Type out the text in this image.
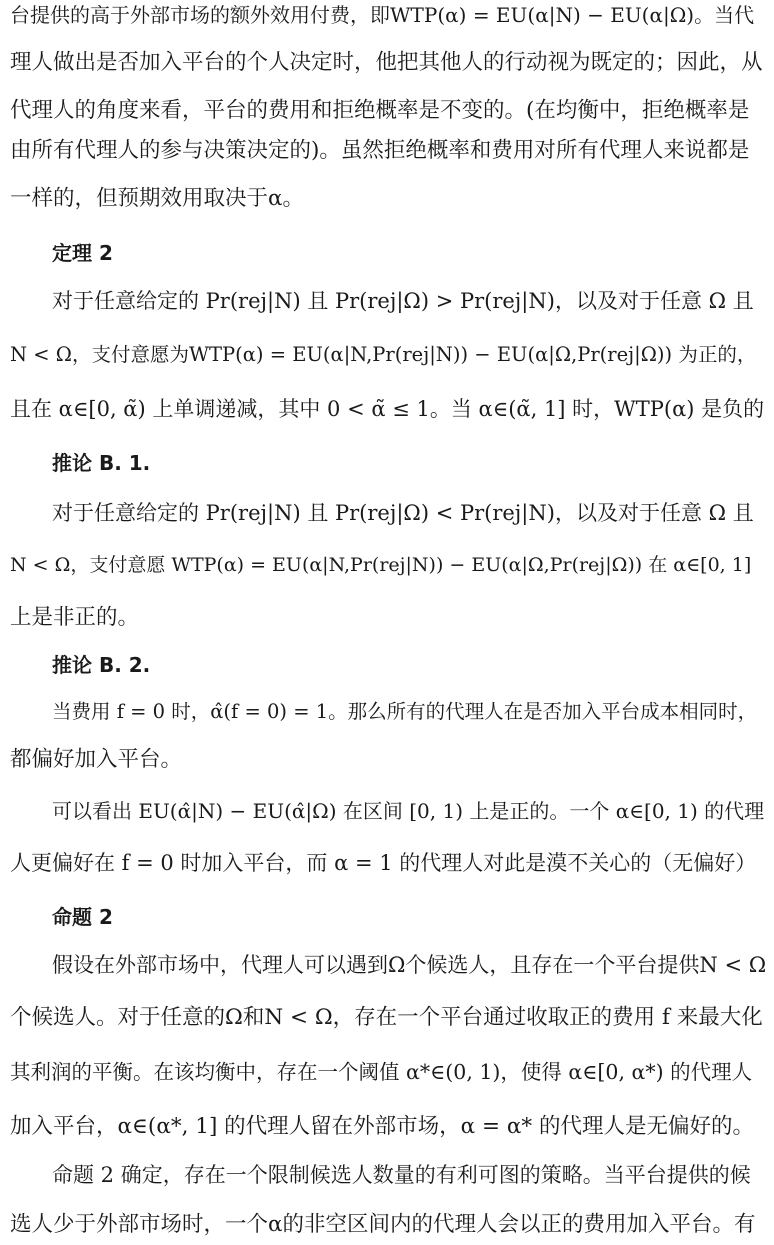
台提供的高于外部市场的额外效用付费，即WTP(α) = EU(α|N) − EU(α|Ω)。当代
理人做出是否加入平台的个人决定时，他把其他人的行动视为既定的；因此，从
代理人的角度来看，平台的费用和拒绝概率是不变的。(在均衡中，拒绝概率是
由所有代理人的参与决策决定的)。虽然拒绝概率和费用对所有代理人来说都是
一样的，但预期效用取决于α。
定理 2
对于任意给定的 Pr(rej|N) 且 Pr(rej|Ω) > Pr(rej|N)，以及对于任意 Ω 且
N < Ω，支付意愿为WTP(α) = EU(α|N,Pr(rej|N)) − EU(α|Ω,Pr(rej|Ω)) 为正的，
且在 α∈[0, α̃) 上单调递减，其中 0 < α̃ ≤ 1。当 α∈(α̃, 1] 时，WTP(α) 是负的
推论 B. 1.
对于任意给定的 Pr(rej|N) 且 Pr(rej|Ω) < Pr(rej|N)，以及对于任意 Ω 且
N < Ω，支付意愿 WTP(α) = EU(α|N,Pr(rej|N)) − EU(α|Ω,Pr(rej|Ω)) 在 α∈[0, 1]
上是非正的。
推论 B. 2.
当费用 f = 0 时，α̂(f = 0) = 1。那么所有的代理人在是否加入平台成本相同时，
都偏好加入平台。
可以看出 EU(α̂|N) − EU(α̂|Ω) 在区间 [0, 1) 上是正的。一个 α∈[0, 1) 的代理
人更偏好在 f = 0 时加入平台，而 α = 1 的代理人对此是漠不关心的（无偏好）
命题 2
假设在外部市场中，代理人可以遇到Ω个候选人，且存在一个平台提供N < Ω
个候选人。对于任意的Ω和N < Ω，存在一个平台通过收取正的费用 f 来最大化
其利润的平衡。在该均衡中，存在一个阈值 α*∈(0, 1)，使得 α∈[0, α*) 的代理人
加入平台，α∈(α*, 1] 的代理人留在外部市场，α = α* 的代理人是无偏好的。
命题 2 确定，存在一个限制候选人数量的有利可图的策略。当平台提供的候
选人少于外部市场时，一个α的非空区间内的代理人会以正的费用加入平台。有
